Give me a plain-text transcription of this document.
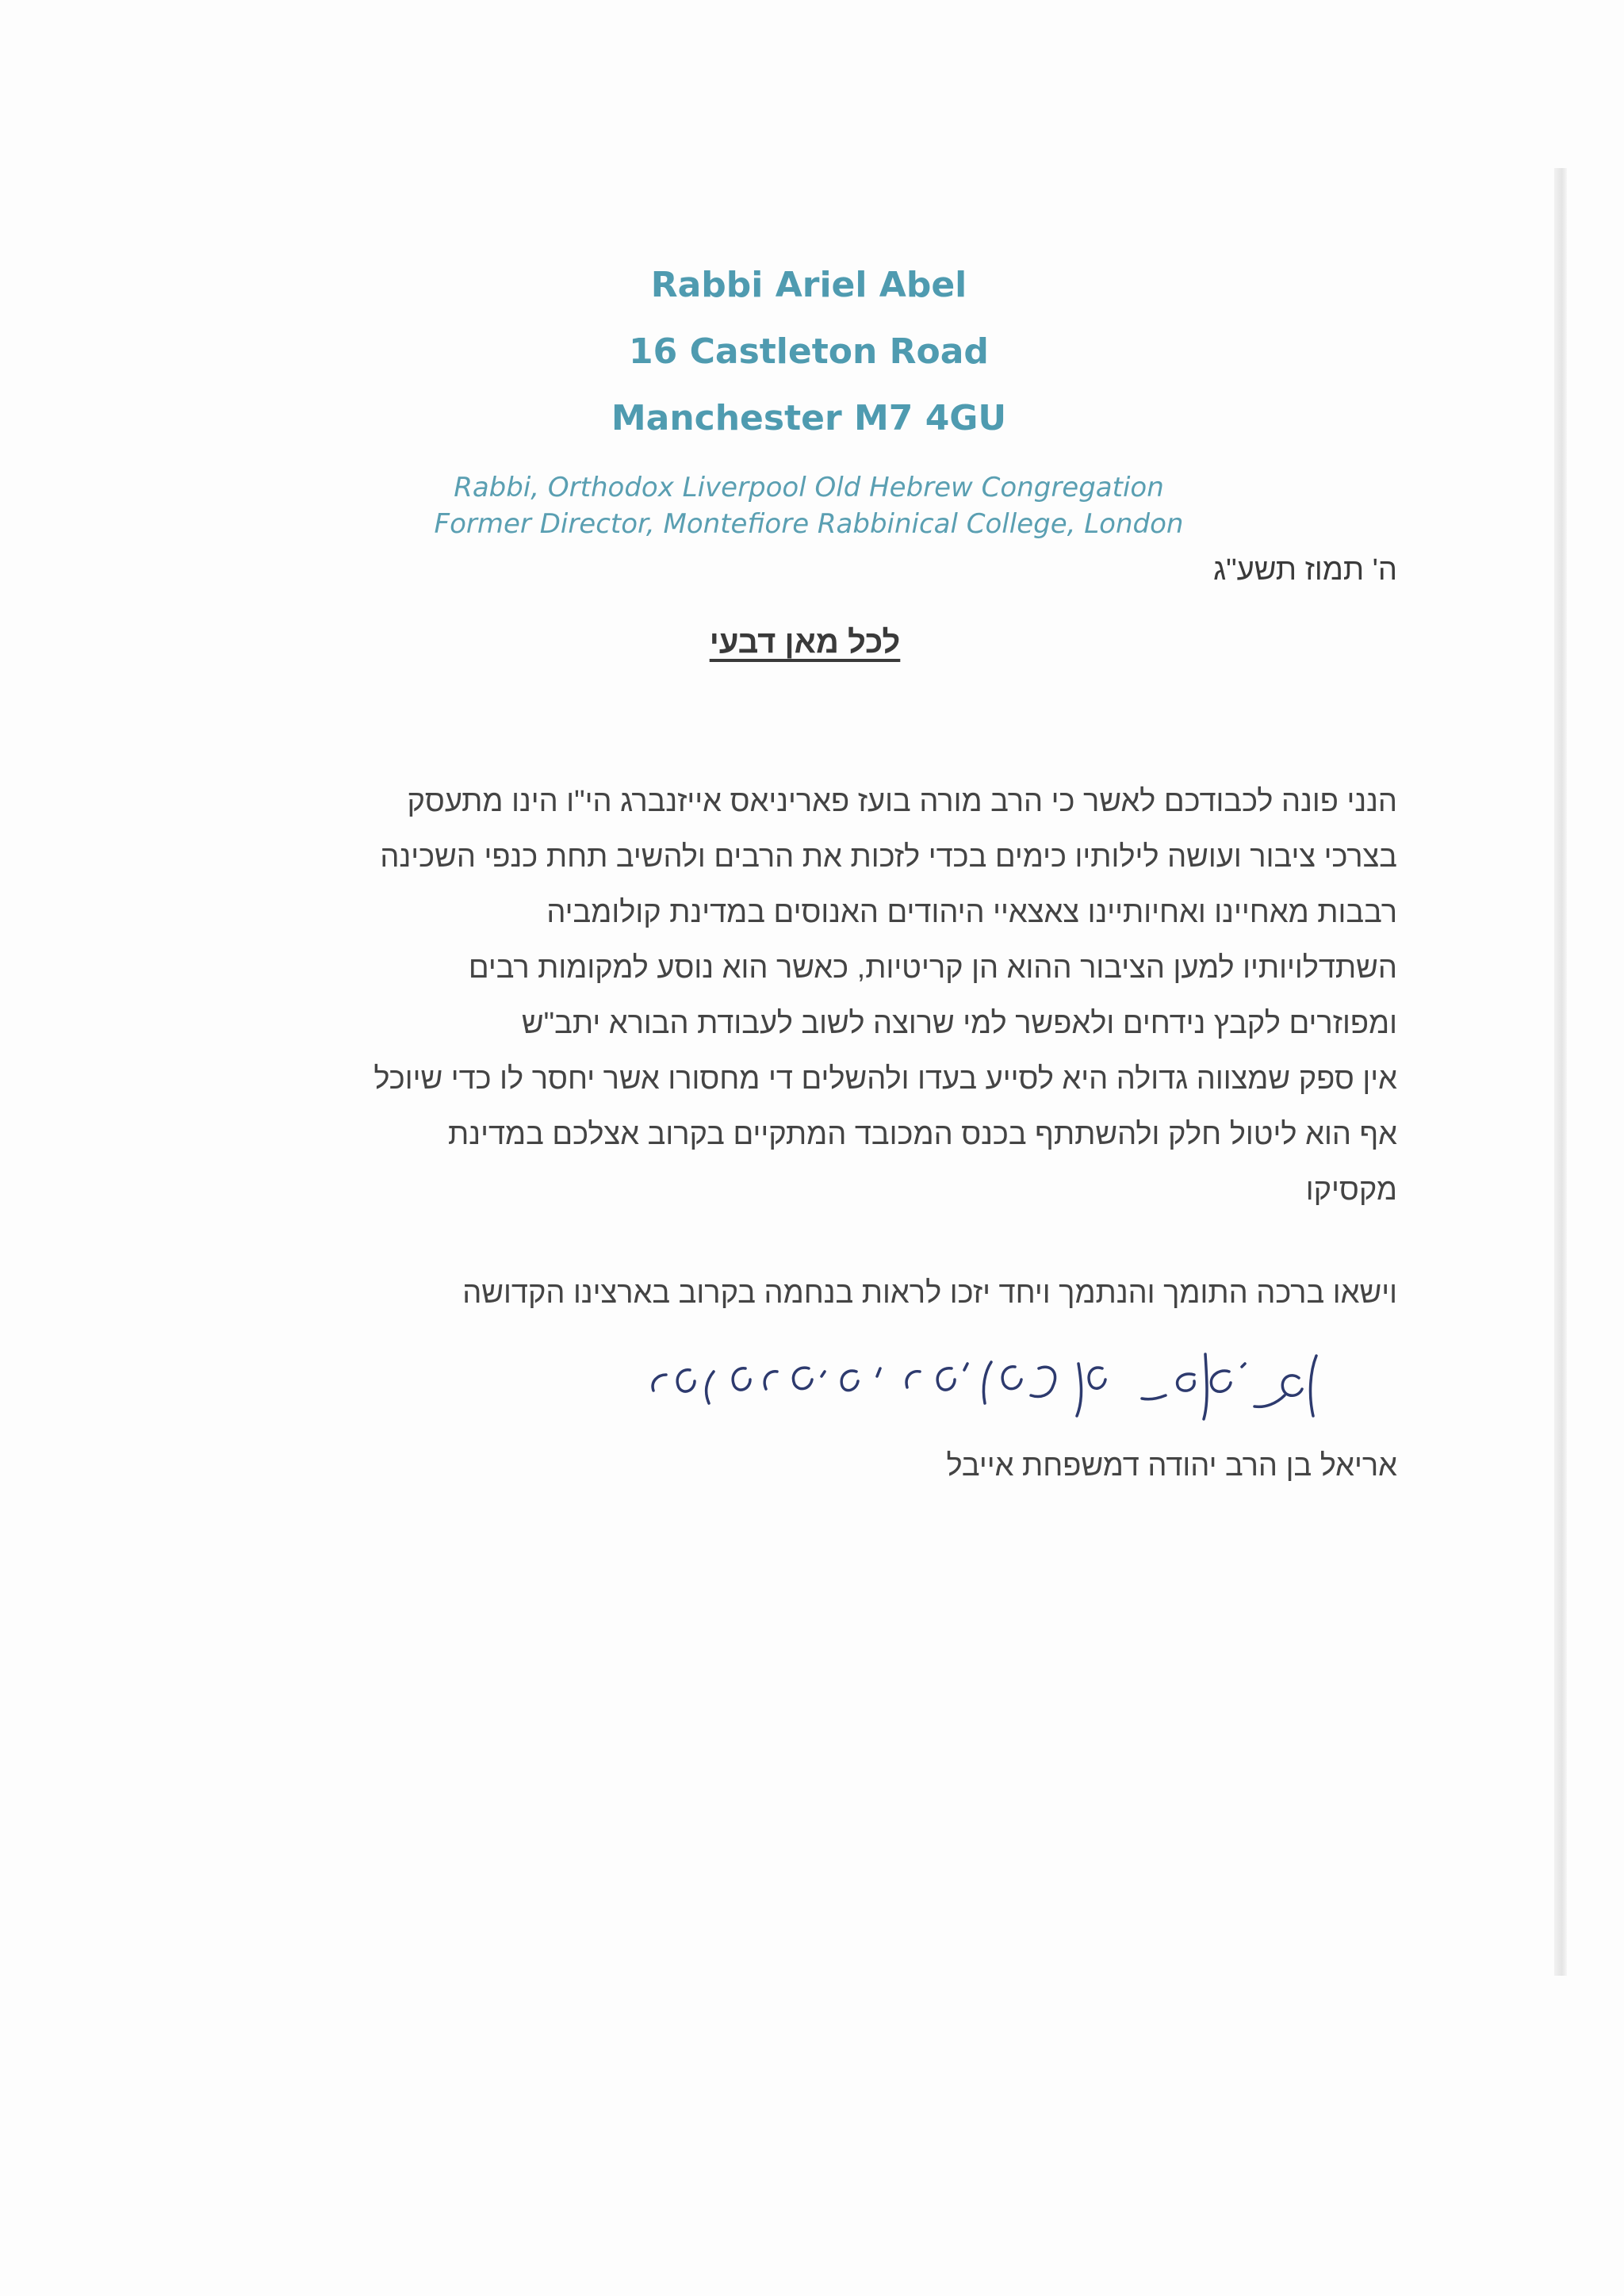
Rabbi Ariel Abel
16 Castleton Road
Manchester M7 4GU
Rabbi, Orthodox Liverpool Old Hebrew Congregation
Former Director, Montefiore Rabbinical College, London
ה' תמוז תשע"ג
לכל מאן דבעי
הנני פונה לכבודכם לאשר כי הרב מורה בועז פאריניאס אייזנברג הי"ו הינו מתעסק
בצרכי ציבור ועושה לילותיו כימים בכדי לזכות את הרבים ולהשיב תחת כנפי השכינה
רבבות מאחיינו ואחיותיינו צאצאיי היהודים האנוסים במדינת קולומביה
השתדלויותיו למען הציבור ההוא הן קריטיות, כאשר הוא נוסע למקומות רבים
ומפוזרים לקבץ נידחים ולאפשר למי שרוצה לשוב לעבודת הבורא יתב"ש
אין ספק שמצווה גדולה היא לסייע בעדו ולהשלים די מחסורו אשר יחסר לו כדי שיוכל
אף הוא ליטול חלק ולהשתתף בכנס המכובד המתקיים בקרוב אצלכם במדינת
מקסיקו
וישאו ברכה התומך והנתמך ויחד יזכו לראות בנחמה בקרוב בארצינו הקדושה
אריאל בן הרב יהודה דמשפחת אייבל
